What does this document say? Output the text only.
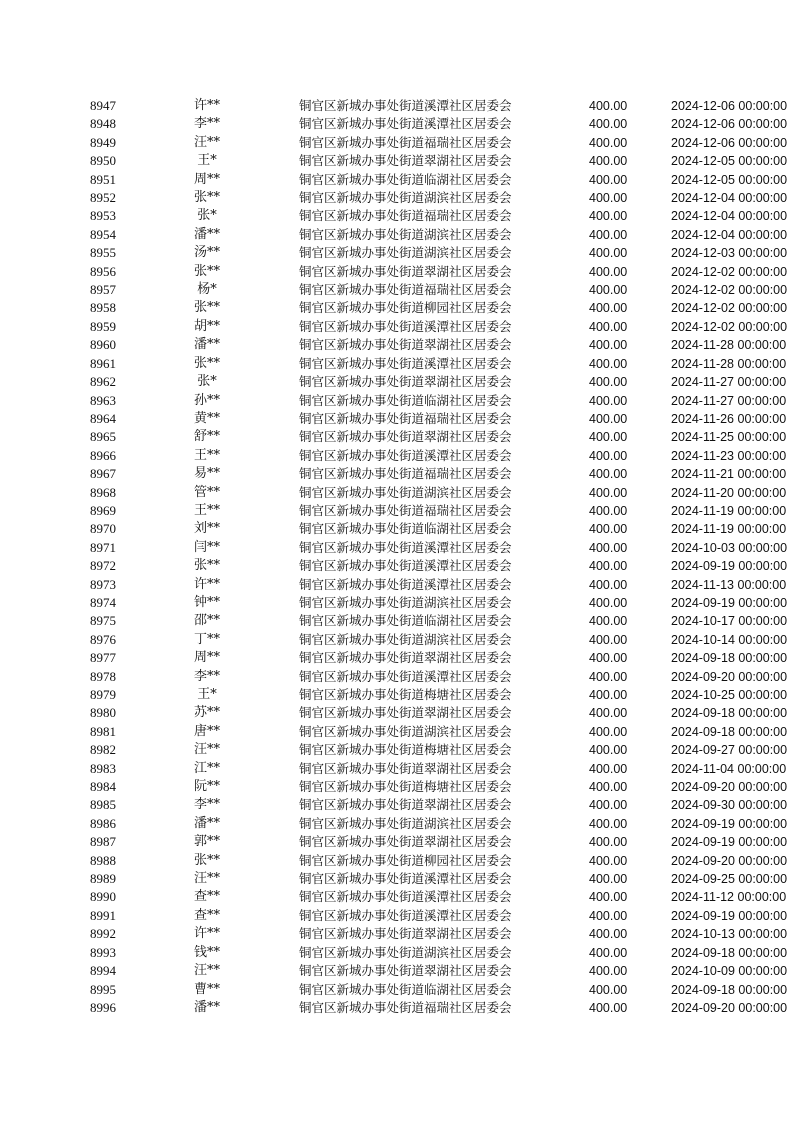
8947	许**	铜官区新城办事处街道溪潭社区居委会	400.00	2024-12-06 00:00:00
8948	李**	铜官区新城办事处街道溪潭社区居委会	400.00	2024-12-06 00:00:00
8949	汪**	铜官区新城办事处街道福瑞社区居委会	400.00	2024-12-06 00:00:00
8950	王*	铜官区新城办事处街道翠湖社区居委会	400.00	2024-12-05 00:00:00
8951	周**	铜官区新城办事处街道临湖社区居委会	400.00	2024-12-05 00:00:00
8952	张**	铜官区新城办事处街道湖滨社区居委会	400.00	2024-12-04 00:00:00
8953	张*	铜官区新城办事处街道福瑞社区居委会	400.00	2024-12-04 00:00:00
8954	潘**	铜官区新城办事处街道湖滨社区居委会	400.00	2024-12-04 00:00:00
8955	汤**	铜官区新城办事处街道湖滨社区居委会	400.00	2024-12-03 00:00:00
8956	张**	铜官区新城办事处街道翠湖社区居委会	400.00	2024-12-02 00:00:00
8957	杨*	铜官区新城办事处街道福瑞社区居委会	400.00	2024-12-02 00:00:00
8958	张**	铜官区新城办事处街道柳园社区居委会	400.00	2024-12-02 00:00:00
8959	胡**	铜官区新城办事处街道溪潭社区居委会	400.00	2024-12-02 00:00:00
8960	潘**	铜官区新城办事处街道翠湖社区居委会	400.00	2024-11-28 00:00:00
8961	张**	铜官区新城办事处街道溪潭社区居委会	400.00	2024-11-28 00:00:00
8962	张*	铜官区新城办事处街道翠湖社区居委会	400.00	2024-11-27 00:00:00
8963	孙**	铜官区新城办事处街道临湖社区居委会	400.00	2024-11-27 00:00:00
8964	黄**	铜官区新城办事处街道福瑞社区居委会	400.00	2024-11-26 00:00:00
8965	舒**	铜官区新城办事处街道翠湖社区居委会	400.00	2024-11-25 00:00:00
8966	王**	铜官区新城办事处街道溪潭社区居委会	400.00	2024-11-23 00:00:00
8967	易**	铜官区新城办事处街道福瑞社区居委会	400.00	2024-11-21 00:00:00
8968	管**	铜官区新城办事处街道湖滨社区居委会	400.00	2024-11-20 00:00:00
8969	王**	铜官区新城办事处街道福瑞社区居委会	400.00	2024-11-19 00:00:00
8970	刘**	铜官区新城办事处街道临湖社区居委会	400.00	2024-11-19 00:00:00
8971	闫**	铜官区新城办事处街道溪潭社区居委会	400.00	2024-10-03 00:00:00
8972	张**	铜官区新城办事处街道溪潭社区居委会	400.00	2024-09-19 00:00:00
8973	许**	铜官区新城办事处街道溪潭社区居委会	400.00	2024-11-13 00:00:00
8974	钟**	铜官区新城办事处街道湖滨社区居委会	400.00	2024-09-19 00:00:00
8975	邵**	铜官区新城办事处街道临湖社区居委会	400.00	2024-10-17 00:00:00
8976	丁**	铜官区新城办事处街道湖滨社区居委会	400.00	2024-10-14 00:00:00
8977	周**	铜官区新城办事处街道翠湖社区居委会	400.00	2024-09-18 00:00:00
8978	李**	铜官区新城办事处街道溪潭社区居委会	400.00	2024-09-20 00:00:00
8979	王*	铜官区新城办事处街道梅塘社区居委会	400.00	2024-10-25 00:00:00
8980	苏**	铜官区新城办事处街道翠湖社区居委会	400.00	2024-09-18 00:00:00
8981	唐**	铜官区新城办事处街道湖滨社区居委会	400.00	2024-09-18 00:00:00
8982	汪**	铜官区新城办事处街道梅塘社区居委会	400.00	2024-09-27 00:00:00
8983	江**	铜官区新城办事处街道翠湖社区居委会	400.00	2024-11-04 00:00:00
8984	阮**	铜官区新城办事处街道梅塘社区居委会	400.00	2024-09-20 00:00:00
8985	李**	铜官区新城办事处街道翠湖社区居委会	400.00	2024-09-30 00:00:00
8986	潘**	铜官区新城办事处街道湖滨社区居委会	400.00	2024-09-19 00:00:00
8987	郭**	铜官区新城办事处街道翠湖社区居委会	400.00	2024-09-19 00:00:00
8988	张**	铜官区新城办事处街道柳园社区居委会	400.00	2024-09-20 00:00:00
8989	汪**	铜官区新城办事处街道溪潭社区居委会	400.00	2024-09-25 00:00:00
8990	查**	铜官区新城办事处街道溪潭社区居委会	400.00	2024-11-12 00:00:00
8991	查**	铜官区新城办事处街道溪潭社区居委会	400.00	2024-09-19 00:00:00
8992	许**	铜官区新城办事处街道翠湖社区居委会	400.00	2024-10-13 00:00:00
8993	钱**	铜官区新城办事处街道湖滨社区居委会	400.00	2024-09-18 00:00:00
8994	汪**	铜官区新城办事处街道翠湖社区居委会	400.00	2024-10-09 00:00:00
8995	曹**	铜官区新城办事处街道临湖社区居委会	400.00	2024-09-18 00:00:00
8996	潘**	铜官区新城办事处街道福瑞社区居委会	400.00	2024-09-20 00:00:00
